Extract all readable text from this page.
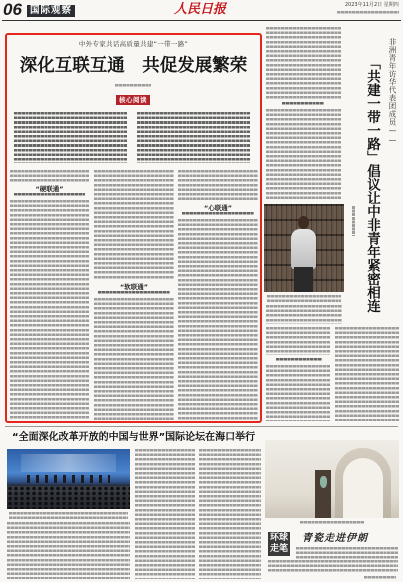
06 国际观察	人民日报	2023年11月2日 星期四
中外专家共话高质量共建“一带一路”
深化互联互通　共促发展繁荣
核心阅读
“硬联通”
“软联通”
“心联通”
非洲青年访华代表团成员——
「共建一带一路」倡议让中非青年紧密相连
“全面深化改革开放的中国与世界”国际论坛在海口举行
环球走笔
青瓷走进伊朗
